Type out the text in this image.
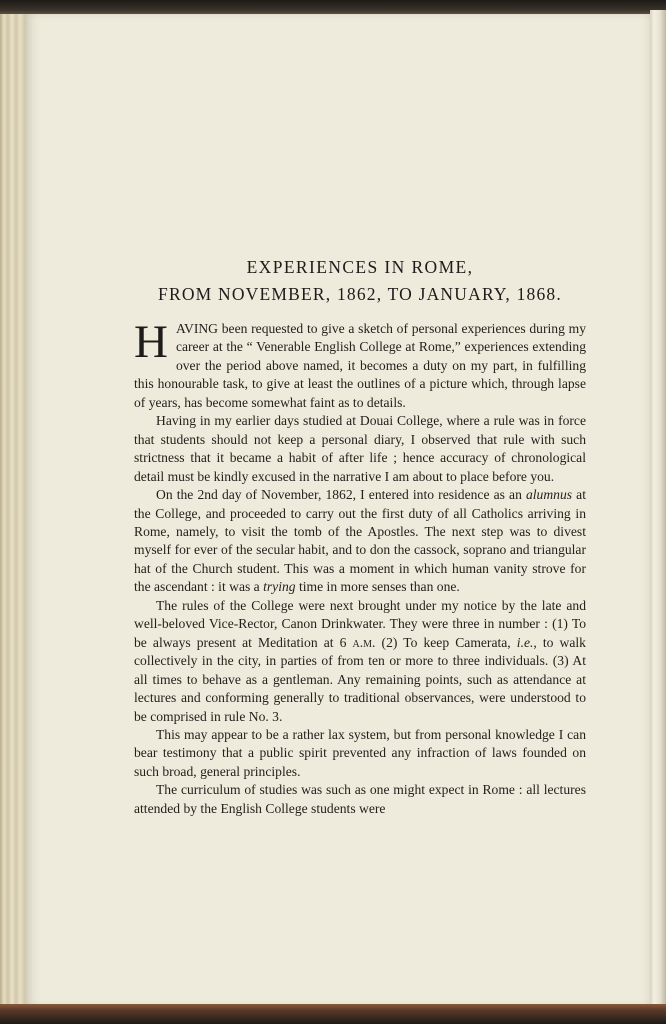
EXPERIENCES IN ROME,
FROM NOVEMBER, 1862, TO JANUARY, 1868.

HAVING been requested to give a sketch of personal experiences during my career at the “ Venerable English College at Rome,” experiences extending over the period above named, it becomes a duty on my part, in fulfilling this honourable task, to give at least the outlines of a picture which, through lapse of years, has become somewhat faint as to details.

Having in my earlier days studied at Douai College, where a rule was in force that students should not keep a personal diary, I observed that rule with such strictness that it became a habit of after life ; hence accuracy of chronological detail must be kindly excused in the narrative I am about to place before you.

On the 2nd day of November, 1862, I entered into residence as an alumnus at the College, and proceeded to carry out the first duty of all Catholics arriving in Rome, namely, to visit the tomb of the Apostles. The next step was to divest myself for ever of the secular habit, and to don the cassock, soprano and triangular hat of the Church student. This was a moment in which human vanity strove for the ascendant : it was a trying time in more senses than one.

The rules of the College were next brought under my notice by the late and well-beloved Vice-Rector, Canon Drinkwater. They were three in number : (1) To be always present at Meditation at 6 a.m. (2) To keep Camerata, i.e., to walk collectively in the city, in parties of from ten or more to three individuals. (3) At all times to behave as a gentleman. Any remaining points, such as attendance at lectures and conforming generally to traditional observances, were understood to be comprised in rule No. 3.

This may appear to be a rather lax system, but from personal knowledge I can bear testimony that a public spirit prevented any infraction of laws founded on such broad, general principles.

The curriculum of studies was such as one might expect in Rome : all lectures attended by the English College students were
